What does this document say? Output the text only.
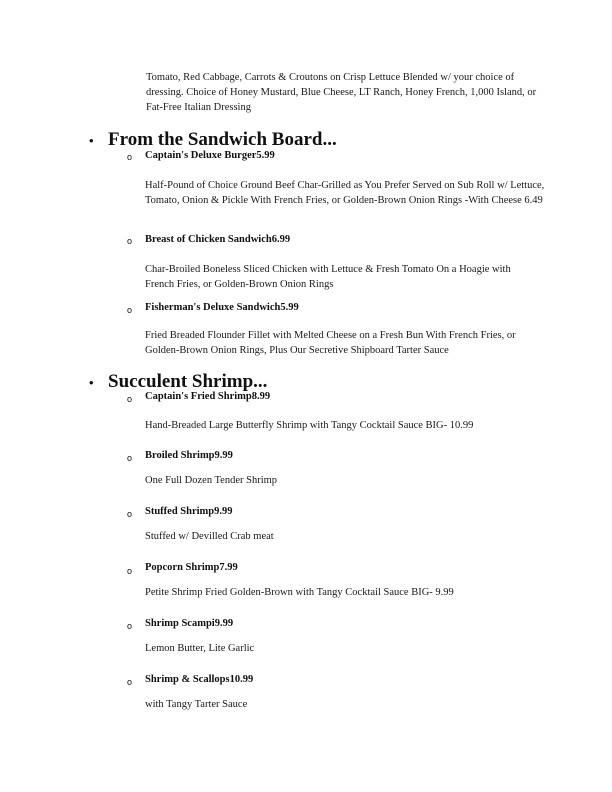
Tomato, Red Cabbage, Carrots & Croutons on Crisp Lettuce Blended w/ your choice of dressing. Choice of Honey Mustard, Blue Cheese, LT Ranch, Honey French, 1,000 Island, or Fat-Free Italian Dressing
• From the Sandwich Board...
o Captain's Deluxe Burger5.99
Half-Pound of Choice Ground Beef Char-Grilled as You Prefer Served on Sub Roll w/ Lettuce, Tomato, Onion & Pickle With French Fries, or Golden-Brown Onion Rings -With Cheese 6.49
o Breast of Chicken Sandwich6.99
Char-Broiled Boneless Sliced Chicken with Lettuce & Fresh Tomato On a Hoagie with French Fries, or Golden-Brown Onion Rings
o Fisherman's Deluxe Sandwich5.99
Fried Breaded Flounder Fillet with Melted Cheese on a Fresh Bun With French Fries, or Golden-Brown Onion Rings, Plus Our Secretive Shipboard Tarter Sauce
• Succulent Shrimp...
o Captain's Fried Shrimp8.99
Hand-Breaded Large Butterfly Shrimp with Tangy Cocktail Sauce BIG- 10.99
o Broiled Shrimp9.99
One Full Dozen Tender Shrimp
o Stuffed Shrimp9.99
Stuffed w/ Devilled Crab meat
o Popcorn Shrimp7.99
Petite Shrimp Fried Golden-Brown with Tangy Cocktail Sauce BIG- 9.99
o Shrimp Scampi9.99
Lemon Butter, Lite Garlic
o Shrimp & Scallops10.99
with Tangy Tarter Sauce
